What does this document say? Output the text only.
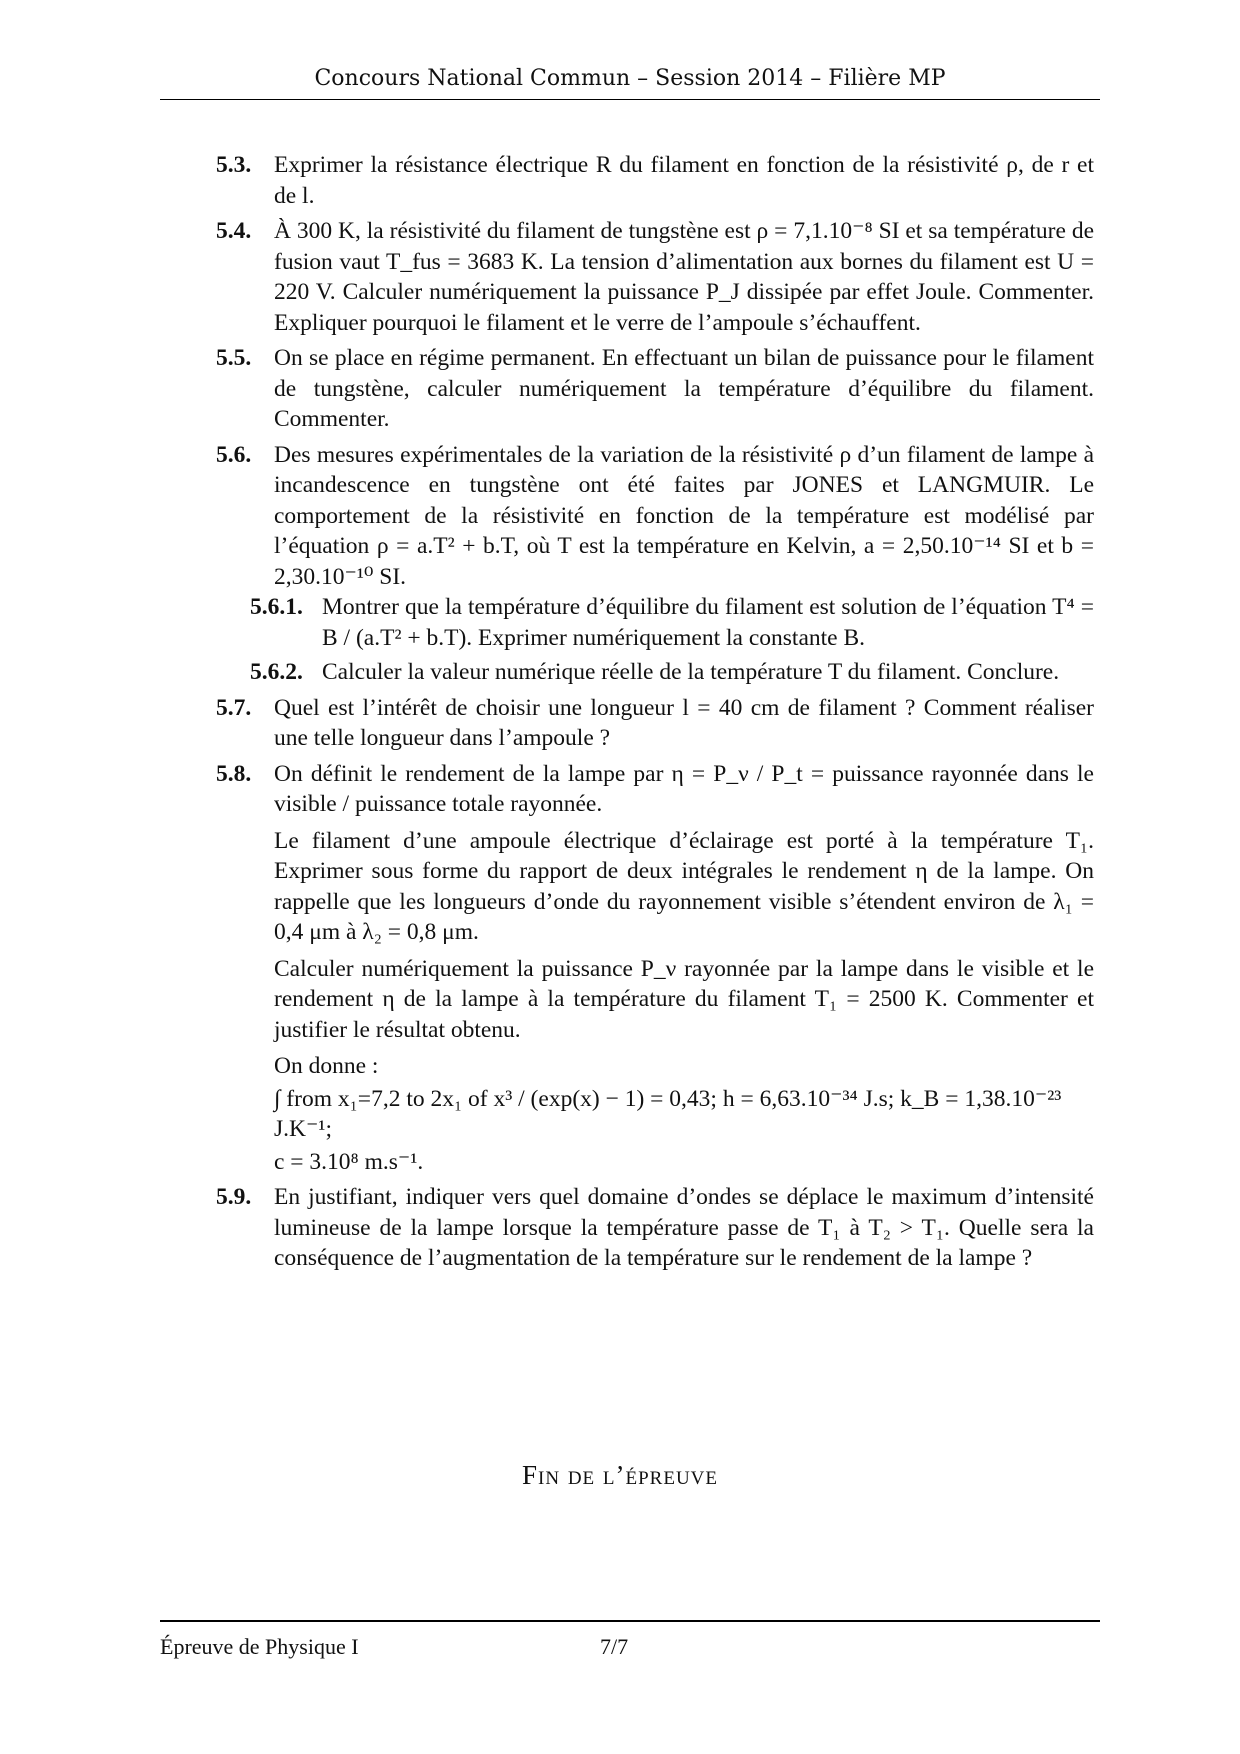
Concours National Commun – Session 2014 – Filière MP
5.3. Exprimer la résistance électrique R du filament en fonction de la résistivité ρ, de r et de l.
5.4. À 300 K, la résistivité du filament de tungstène est ρ = 7,1.10⁻⁸ SI et sa température de fusion vaut T_fus = 3683 K. La tension d’alimentation aux bornes du filament est U = 220 V. Calculer numériquement la puissance P_J dissipée par effet Joule. Commenter. Expliquer pourquoi le filament et le verre de l’ampoule s’échauffent.
5.5. On se place en régime permanent. En effectuant un bilan de puissance pour le filament de tungstène, calculer numériquement la température d’équilibre du filament. Commenter.
5.6. Des mesures expérimentales de la variation de la résistivité ρ d’un filament de lampe à incandescence en tungstène ont été faites par JONES et LANGMUIR. Le comportement de la résistivité en fonction de la température est modélisé par l’équation ρ = a.T² + b.T, où T est la température en Kelvin, a = 2,50.10⁻¹⁴ SI et b = 2,30.10⁻¹⁰ SI.
5.6.1. Montrer que la température d’équilibre du filament est solution de l’équation T⁴ = B / (a.T² + b.T). Exprimer numériquement la constante B.
5.6.2. Calculer la valeur numérique réelle de la température T du filament. Conclure.
5.7. Quel est l’intérêt de choisir une longueur l = 40 cm de filament ? Comment réaliser une telle longueur dans l’ampoule ?
5.8. On définit le rendement de la lampe par η = P_ν / P_t = puissance rayonnée dans le visible / puissance totale rayonnée.
Le filament d’une ampoule électrique d’éclairage est porté à la température T₁. Exprimer sous forme du rapport de deux intégrales le rendement η de la lampe. On rappelle que les longueurs d’onde du rayonnement visible s’étendent environ de λ₁ = 0,4 μm à λ₂ = 0,8 μm.
Calculer numériquement la puissance P_ν rayonnée par la lampe dans le visible et le rendement η de la lampe à la température du filament T₁ = 2500 K. Commenter et justifier le résultat obtenu.
On donne :
∫ from x₁=7,2 to 2x₁ of x³ / (exp(x) − 1) = 0,43; h = 6,63.10⁻³⁴ J.s; k_B = 1,38.10⁻²³ J.K⁻¹;
c = 3.10⁸ m.s⁻¹.
5.9. En justifiant, indiquer vers quel domaine d’ondes se déplace le maximum d’intensité lumineuse de la lampe lorsque la température passe de T₁ à T₂ > T₁. Quelle sera la conséquence de l’augmentation de la température sur le rendement de la lampe ?
Fin de l’épreuve
Épreuve de Physique I	7/7
